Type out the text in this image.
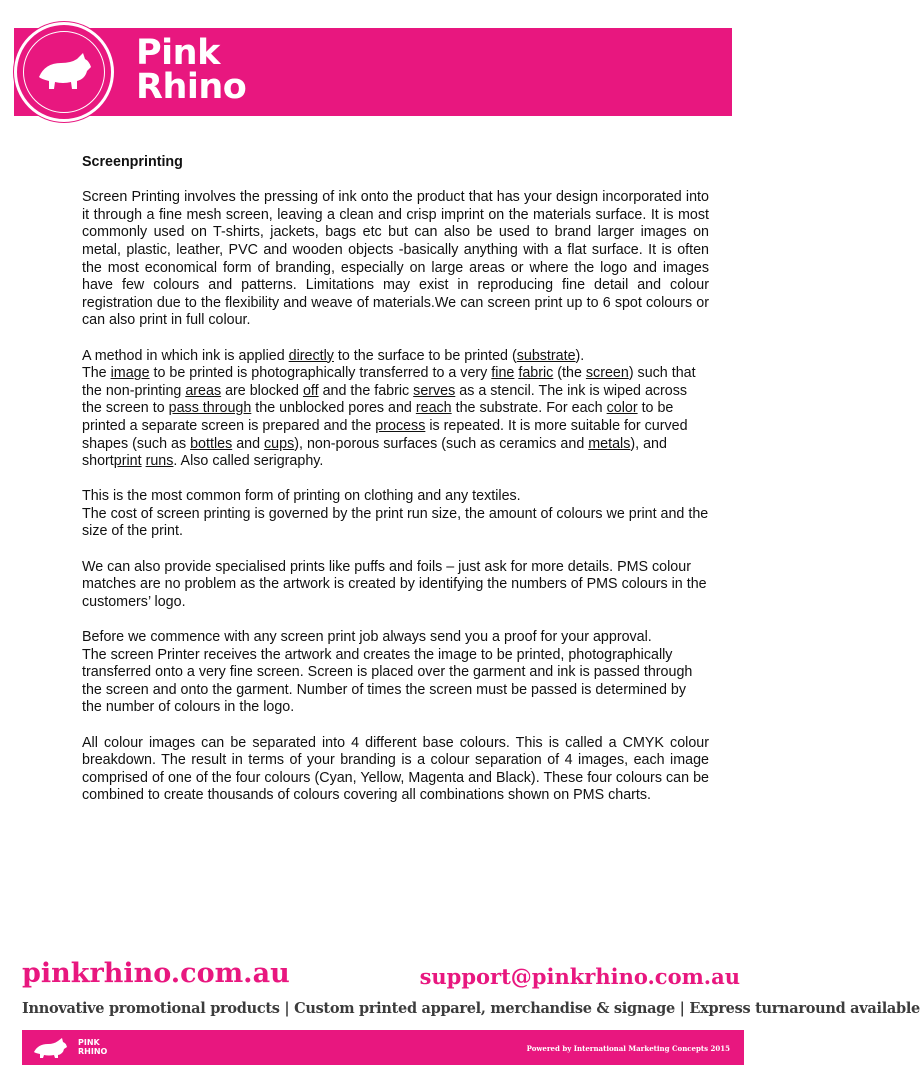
Pink
Rhino
Screenprinting

Screen Printing involves the pressing of ink onto the product that has your design incorporated into it through a fine mesh screen, leaving a clean and crisp imprint on the materials surface. It is most commonly used on T-shirts, jackets, bags etc but can also be used to brand larger images on metal, plastic, leather, PVC and wooden objects -basically anything with a flat surface. It is often the most economical form of branding, especially on large areas or where the logo and images have few colours and patterns. Limitations may exist in reproducing fine detail and colour registration due to the flexibility and weave of materials.We can screen print up to 6 spot colours or can also print in full colour.

A method in which ink is applied directly to the surface to be printed (substrate).
The image to be printed is photographically transferred to a very fine fabric (the screen) such that the non-printing areas are blocked off and the fabric serves as a stencil. The ink is wiped across the screen to pass through the unblocked pores and reach the substrate. For each color to be printed a separate screen is prepared and the process is repeated. It is more suitable for curved shapes (such as bottles and cups), non-porous surfaces (such as ceramics and metals), and shortprint runs. Also called serigraphy.

This is the most common form of printing on clothing and any textiles.
The cost of screen printing is governed by the print run size, the amount of colours we print and the size of the print.

We can also provide specialised prints like puffs and foils – just ask for more details. PMS colour matches are no problem as the artwork is created by identifying the numbers of PMS colours in the customers’ logo.

Before we commence with any screen print job always send you a proof for your approval.
The screen Printer receives the artwork and creates the image to be printed, photographically transferred onto a very fine screen. Screen is placed over the garment and ink is passed through the screen and onto the garment. Number of times the screen must be passed is determined by the number of colours in the logo.

All colour images can be separated into 4 different base colours. This is called a CMYK colour breakdown. The result in terms of your branding is a colour separation of 4 images, each image comprised of one of the four colours (Cyan, Yellow, Magenta and Black). These four colours can be combined to create thousands of colours covering all combinations shown on PMS charts.

pinkrhino.com.au	support@pinkrhino.com.au
Innovative promotional products | Custom printed apparel, merchandise & signage | Express turnaround available
PINK
RHINO	Powered by International Marketing Concepts 2015
